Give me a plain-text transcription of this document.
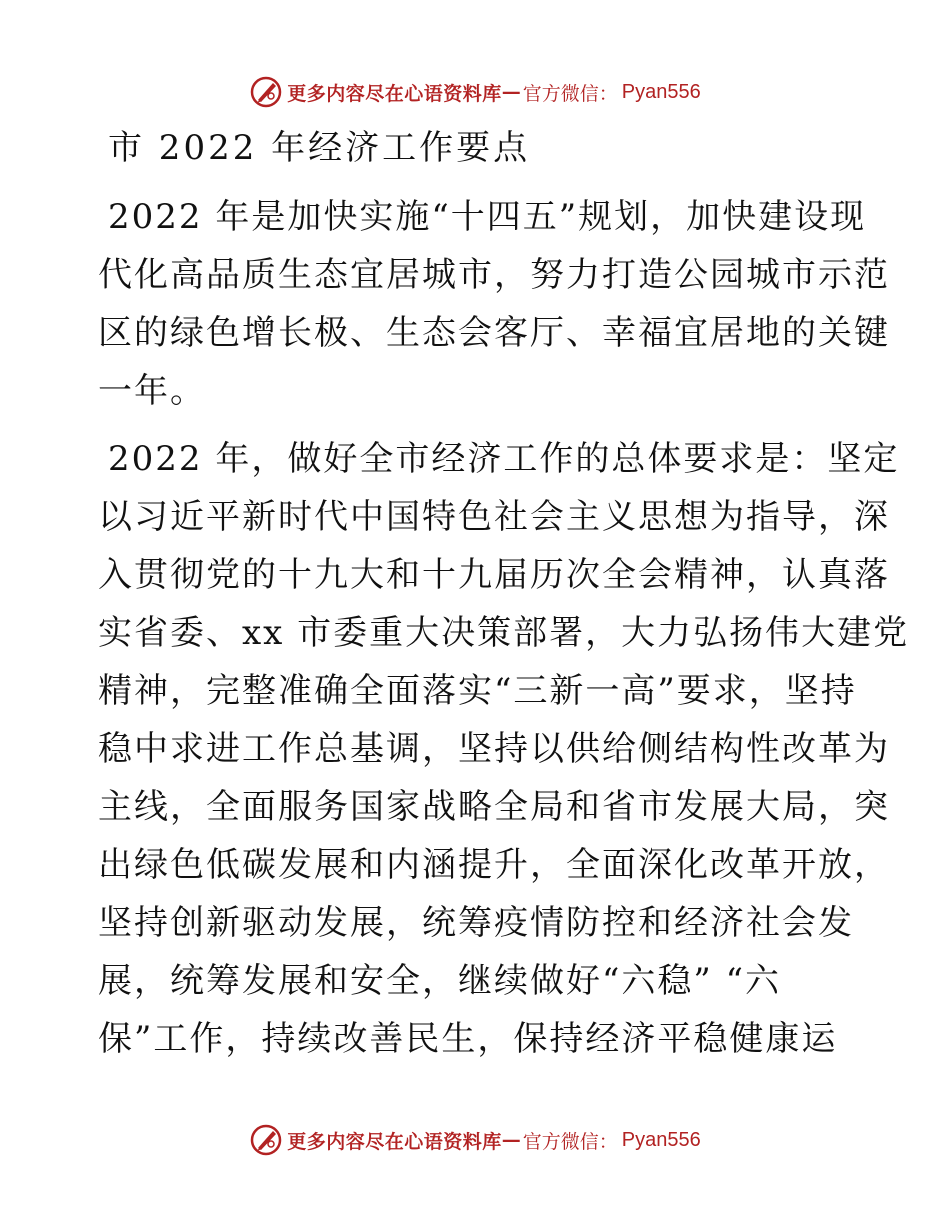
更多内容尽在心语资料库 — 官方微信： Pyan556
市 2022 年经济工作要点

2022 年是加快实施“十四五”规划，加快建设现
代化高品质生态宜居城市，努力打造公园城市示范
区的绿色增长极、生态会客厅、幸福宜居地的关键
一年。

2022 年，做好全市经济工作的总体要求是：坚定
以习近平新时代中国特色社会主义思想为指导，深
入贯彻党的十九大和十九届历次全会精神，认真落
实省委、xx 市委重大决策部署，大力弘扬伟大建党
精神，完整准确全面落实“三新一高”要求，坚持
稳中求进工作总基调，坚持以供给侧结构性改革为
主线，全面服务国家战略全局和省市发展大局，突
出绿色低碳发展和内涵提升，全面深化改革开放，
坚持创新驱动发展，统筹疫情防控和经济社会发
展，统筹发展和安全，继续做好“六稳” “六
保”工作，持续改善民生，保持经济平稳健康运

更多内容尽在心语资料库 — 官方微信： Pyan556
